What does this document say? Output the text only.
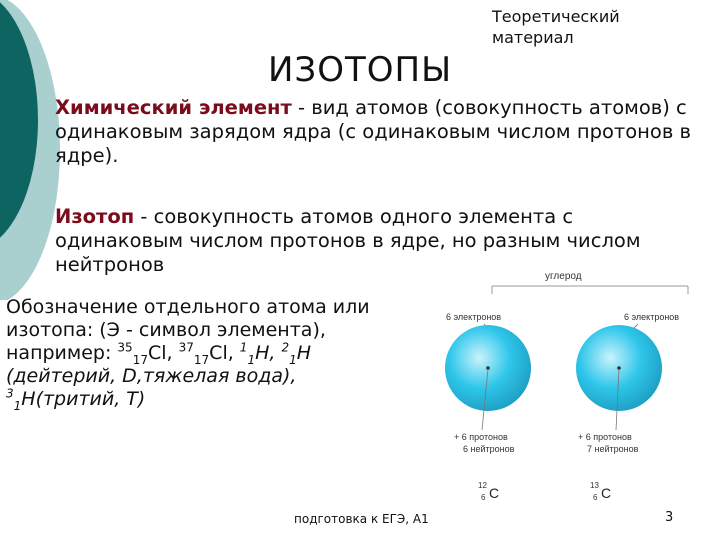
Теоретический
материал
ИЗОТОПЫ
Химический элемент - вид атомов (совокупность атомов) с одинаковым зарядом ядра (с одинаковым числом протонов в ядре).
Изотоп - совокупность атомов одного элемента с одинаковым числом протонов в ядре, но разным числом нейтронов
Обозначение отдельного атома или
изотопа: (Э - символ элемента),
например: $^{35}_{17}$Cl, $^{37}_{17}$Cl, $^1_1$H, $^2_1$H
(дейтерий, D,тяжелая вода),
$^3_1$H(тритий, Т)
углерод
6 электронов	6 электронов
+ 6 протонов
6 нейтронов
+ 6 протонов
7 нейтронов
12
6 C	13
6 C
подготовка к ЕГЭ, А1	3
